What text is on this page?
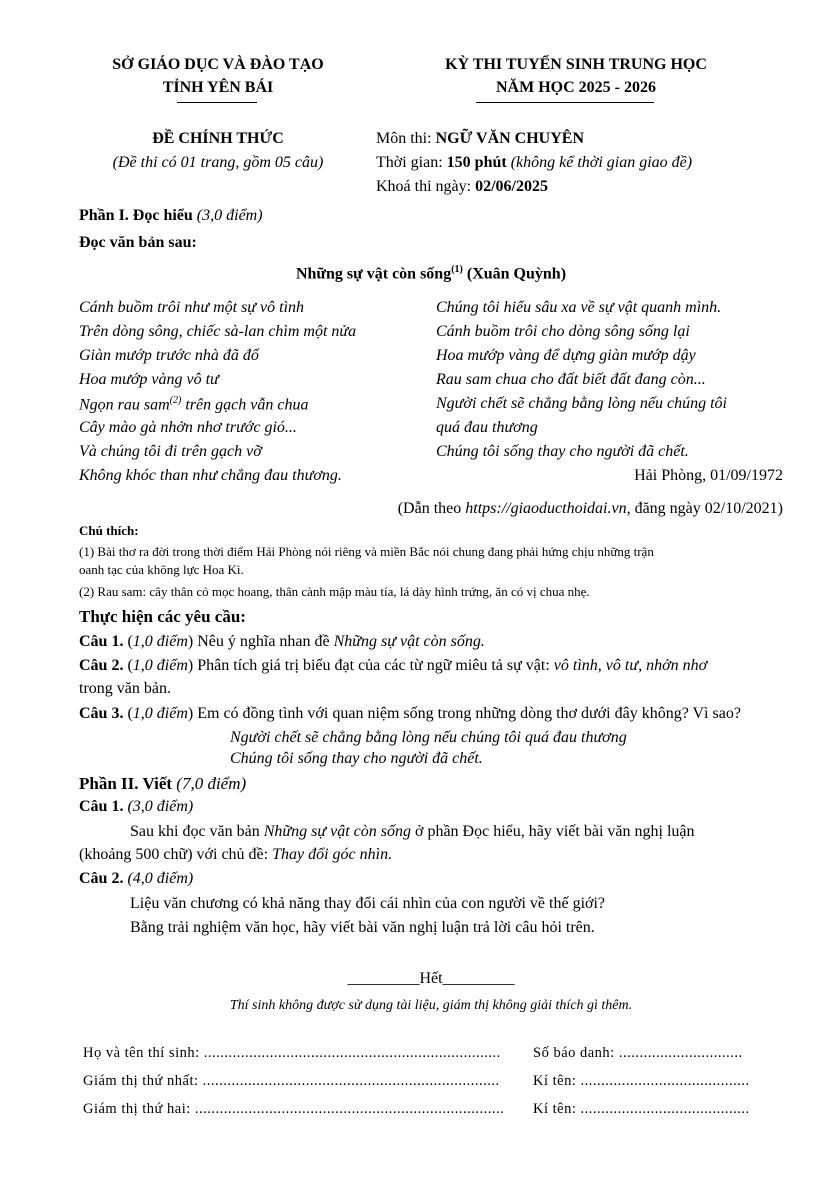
SỞ GIÁO DỤC VÀ ĐÀO TẠO
TỈNH YÊN BÁI
KỲ THI TUYỂN SINH TRUNG HỌC
NĂM HỌC 2025 - 2026
ĐỀ CHÍNH THỨC
(Đề thi có 01 trang, gồm 05 câu)
Môn thi: NGỮ VĂN CHUYÊN
Thời gian: 150 phút (không kể thời gian giao đề)
Khoá thi ngày: 02/06/2025
Phần I. Đọc hiểu (3,0 điểm)
Đọc văn bản sau:
Những sự vật còn sống$^{(1)}$ (Xuân Quỳnh)
Cánh buồm trôi như một sự vô tình
Trên dòng sông, chiếc sà-lan chìm một nửa
Giàn mướp trước nhà đã đổ
Hoa mướp vàng vô tư
Ngọn rau sam$^{(2)}$ trên gạch vẫn chua
Cây mào gà nhởn nhơ trước gió...
Và chúng tôi đi trên gạch vỡ
Không khóc than như chẳng đau thương.
Chúng tôi hiểu sâu xa về sự vật quanh mình.
Cánh buồm trôi cho dòng sông sống lại
Hoa mướp vàng để dựng giàn mướp dậy
Rau sam chua cho đất biết đất đang còn...
Người chết sẽ chẳng bằng lòng nếu chúng tôi
quá đau thương
Chúng tôi sống thay cho người đã chết.
Hải Phòng, 01/09/1972
(Dẫn theo https://giaoducthoidai.vn, đăng ngày 02/10/2021)
Chú thích:
(1) Bài thơ ra đời trong thời điểm Hải Phòng nói riêng và miền Bắc nói chung đang phải hứng chịu những trận
oanh tạc của không lực Hoa Kì.
(2) Rau sam: cây thân cỏ mọc hoang, thân cành mập màu tía, lá dày hình trứng, ăn có vị chua nhẹ.
Thực hiện các yêu cầu:
Câu 1. (1,0 điểm) Nêu ý nghĩa nhan đề Những sự vật còn sống.
Câu 2. (1,0 điểm) Phân tích giá trị biểu đạt của các từ ngữ miêu tả sự vật: vô tình, vô tư, nhởn nhơ
trong văn bản.
Câu 3. (1,0 điểm) Em có đồng tình với quan niệm sống trong những dòng thơ dưới đây không? Vì sao?
Người chết sẽ chẳng bằng lòng nếu chúng tôi quá đau thương
Chúng tôi sống thay cho người đã chết.
Phần II. Viết (7,0 điểm)
Câu 1. (3,0 điểm)
Sau khi đọc văn bản Những sự vật còn sống ở phần Đọc hiểu, hãy viết bài văn nghị luận
(khoảng 500 chữ) với chủ đề: Thay đổi góc nhìn.
Câu 2. (4,0 điểm)
Liệu văn chương có khả năng thay đổi cái nhìn của con người về thế giới?
Bằng trải nghiệm văn học, hãy viết bài văn nghị luận trả lời câu hỏi trên.
_________Hết_________
Thí sinh không được sử dụng tài liệu, giám thị không giải thích gì thêm.
Họ và tên thí sinh: ........................................................................ Số báo danh: ..............................
Giám thị thứ nhất: ........................................................................ Kí tên: .........................................
Giám thị thứ hai: ........................................................................... Kí tên: .........................................
